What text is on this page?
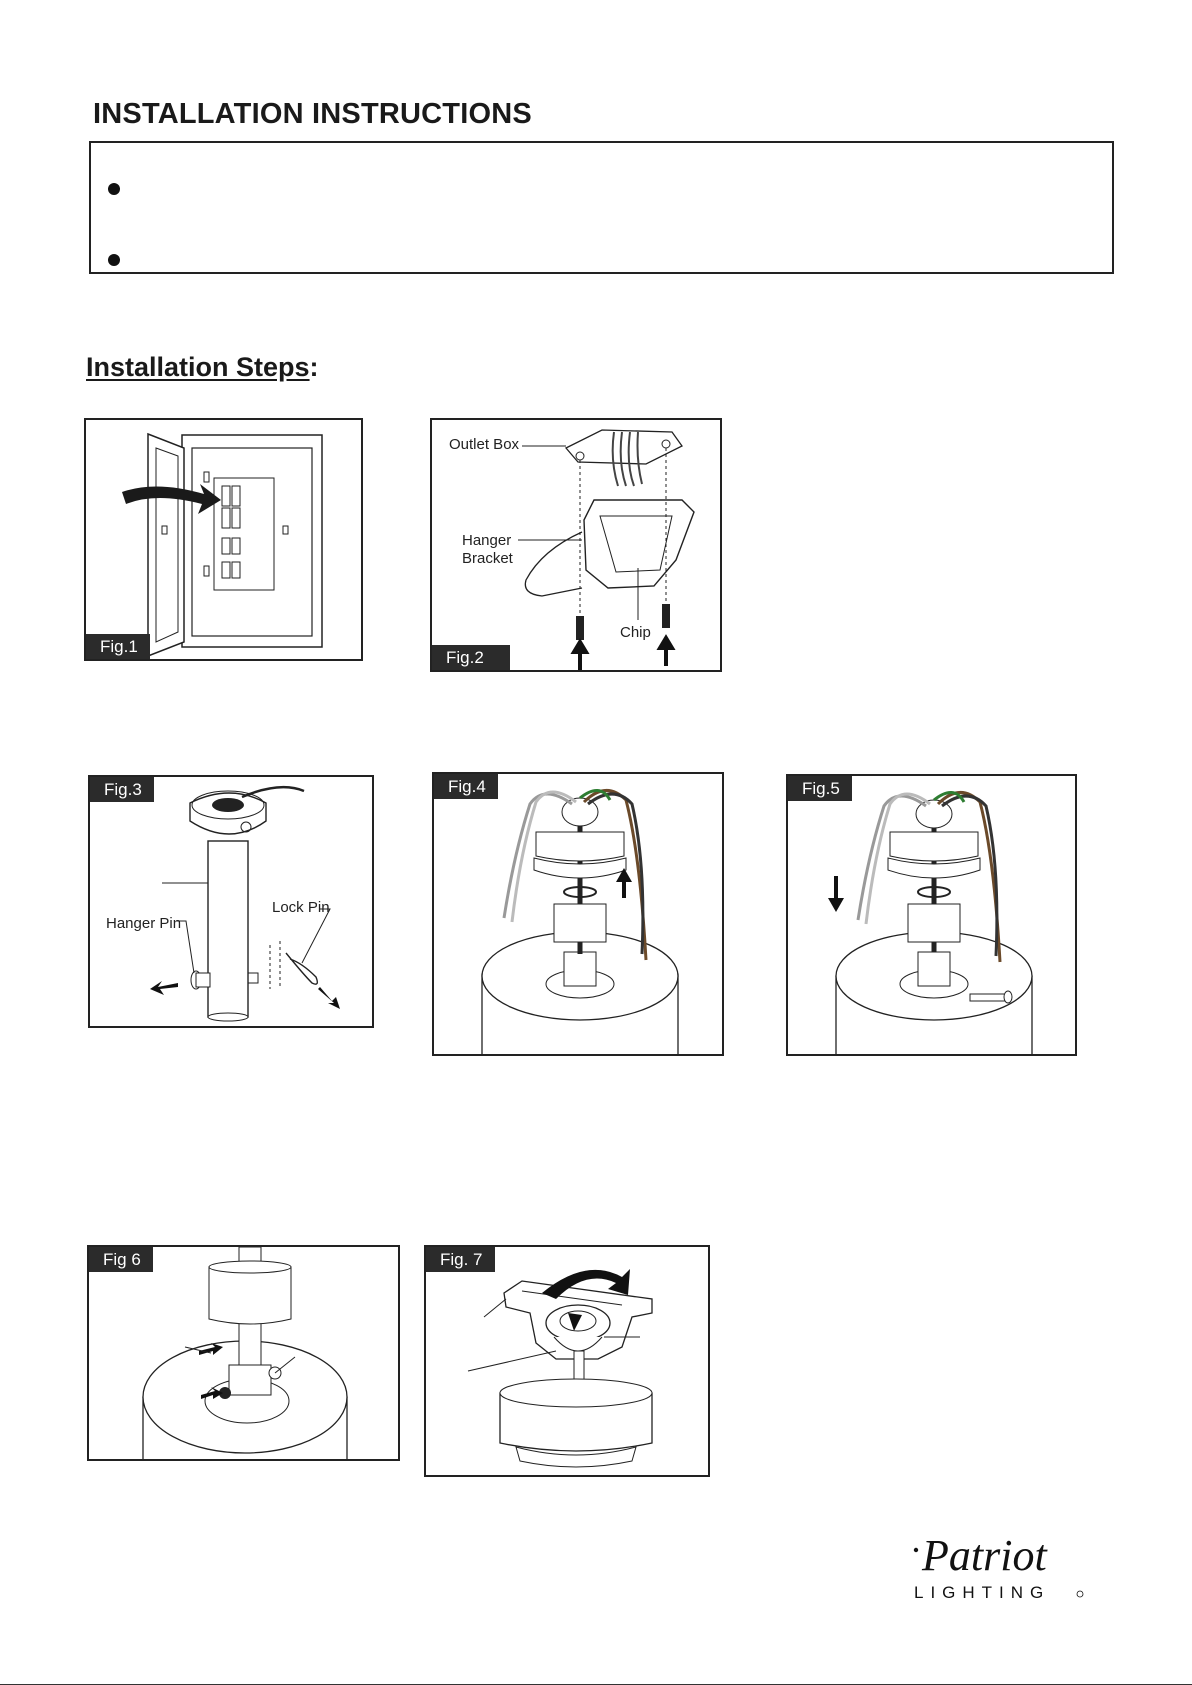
INSTALLATION INSTRUCTIONS
Installation Steps:
Fig.1
Outlet Box
Hanger
Bracket
Chip
Fig.2
Fig.3
Hanger Pin
Lock Pin
Fig.4	Fig.5
Fig 6	Fig. 7
Patriot
LIGHTING
